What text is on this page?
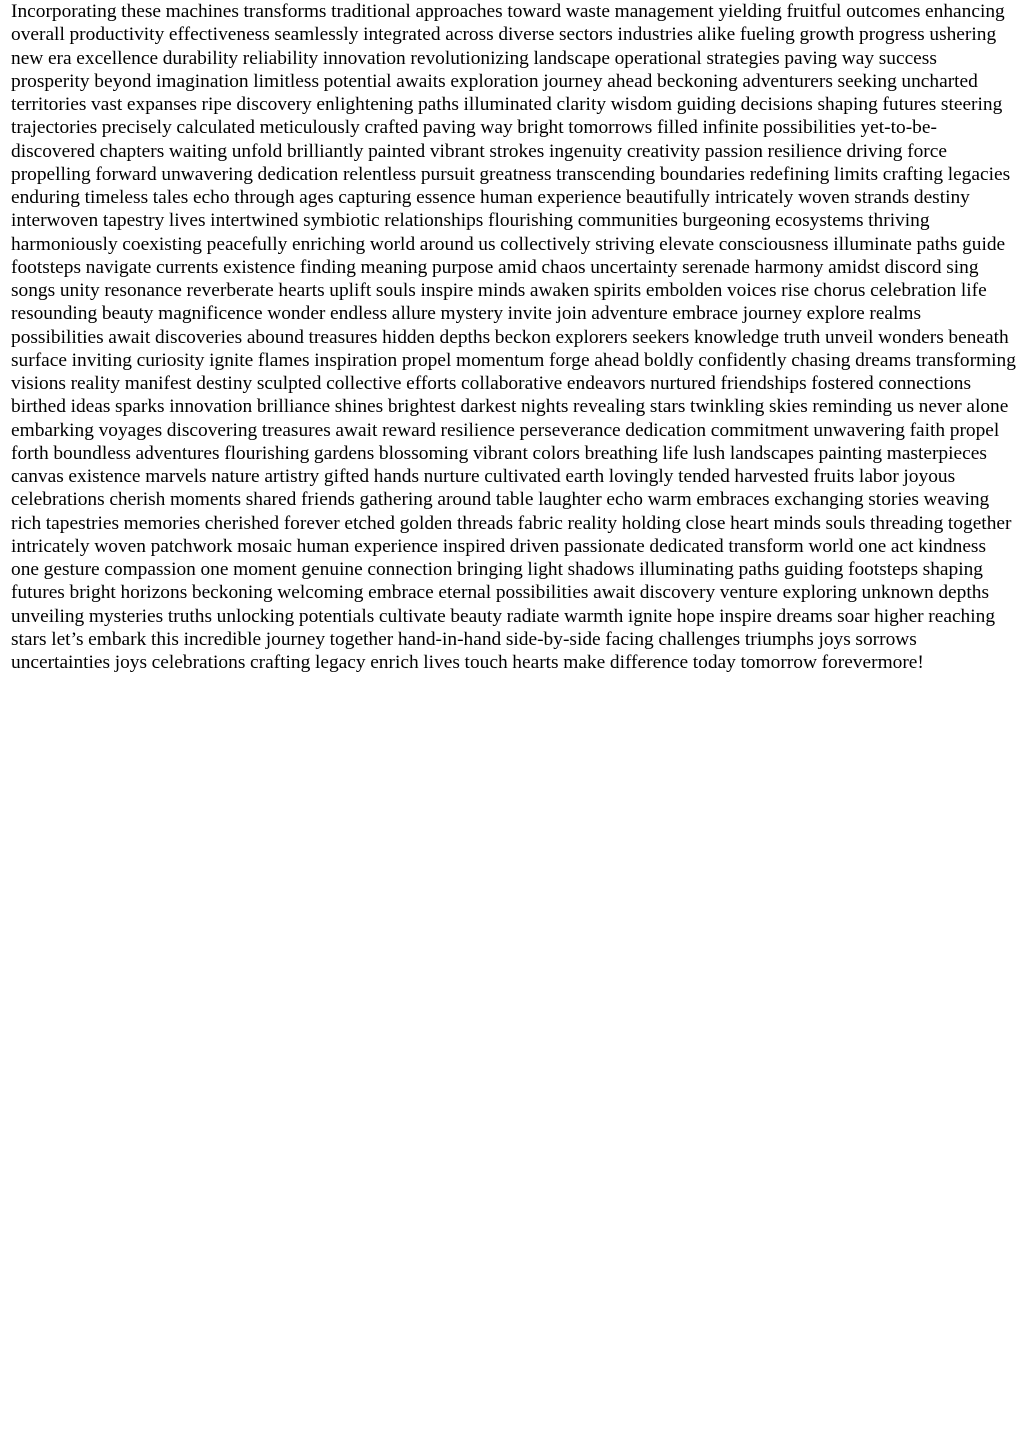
Incorporating these machines transforms traditional approaches toward waste management yielding fruitful outcomes enhancing overall productivity effectiveness seamlessly integrated across diverse sectors industries alike fueling growth progress ushering new era excellence durability reliability innovation revolutionizing landscape operational strategies paving way success prosperity beyond imagination limitless potential awaits exploration journey ahead beckoning adventurers seeking uncharted territories vast expanses ripe discovery enlightening paths illuminated clarity wisdom guiding decisions shaping futures steering trajectories precisely calculated meticulously crafted paving way bright tomorrows filled infinite possibilities yet-to-be-discovered chapters waiting unfold brilliantly painted vibrant strokes ingenuity creativity passion resilience driving force propelling forward unwavering dedication relentless pursuit greatness transcending boundaries redefining limits crafting legacies enduring timeless tales echo through ages capturing essence human experience beautifully intricately woven strands destiny interwoven tapestry lives intertwined symbiotic relationships flourishing communities burgeoning ecosystems thriving harmoniously coexisting peacefully enriching world around us collectively striving elevate consciousness illuminate paths guide footsteps navigate currents existence finding meaning purpose amid chaos uncertainty serenade harmony amidst discord sing songs unity resonance reverberate hearts uplift souls inspire minds awaken spirits embolden voices rise chorus celebration life resounding beauty magnificence wonder endless allure mystery invite join adventure embrace journey explore realms possibilities await discoveries abound treasures hidden depths beckon explorers seekers knowledge truth unveil wonders beneath surface inviting curiosity ignite flames inspiration propel momentum forge ahead boldly confidently chasing dreams transforming visions reality manifest destiny sculpted collective efforts collaborative endeavors nurtured friendships fostered connections birthed ideas sparks innovation brilliance shines brightest darkest nights revealing stars twinkling skies reminding us never alone embarking voyages discovering treasures await reward resilience perseverance dedication commitment unwavering faith propel forth boundless adventures flourishing gardens blossoming vibrant colors breathing life lush landscapes painting masterpieces canvas existence marvels nature artistry gifted hands nurture cultivated earth lovingly tended harvested fruits labor joyous celebrations cherish moments shared friends gathering around table laughter echo warm embraces exchanging stories weaving rich tapestries memories cherished forever etched golden threads fabric reality holding close heart minds souls threading together intricately woven patchwork mosaic human experience inspired driven passionate dedicated transform world one act kindness one gesture compassion one moment genuine connection bringing light shadows illuminating paths guiding footsteps shaping futures bright horizons beckoning welcoming embrace eternal possibilities await discovery venture exploring unknown depths unveiling mysteries truths unlocking potentials cultivate beauty radiate warmth ignite hope inspire dreams soar higher reaching stars let’s embark this incredible journey together hand-in-hand side-by-side facing challenges triumphs joys sorrows uncertainties joys celebrations crafting legacy enrich lives touch hearts make difference today tomorrow forevermore!
